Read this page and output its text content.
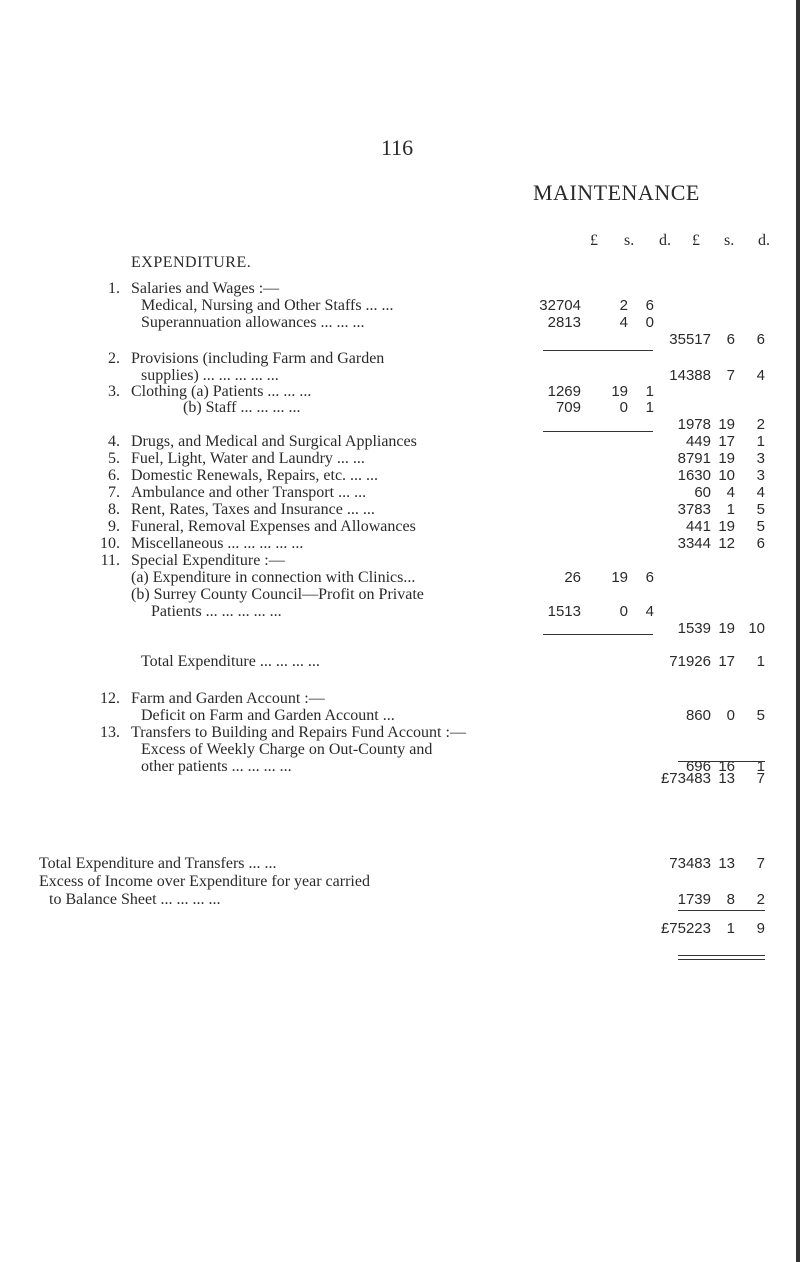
116
MAINTENANCE
£ s. d. £ s. d.
EXPENDITURE.
1. Salaries and Wages :—
Medical, Nursing and Other Staffs ... ...	32704	2 6
Superannuation allowances ... ... ...	2813	4 0
35517 6 6
2. Provisions (including Farm and Garden
supplies) ... ... ... ... ...	14388 7 4
3. Clothing (a) Patients ... ... ...	1269 19 1
(b) Staff ... ... ... ...	709	0 1
1978 19 2
4. Drugs, and Medical and Surgical Appliances	449 17 1
5. Fuel, Light, Water and Laundry ... ...	8791 19 3
6. Domestic Renewals, Repairs, etc. ... ...	1630 10 3
7. Ambulance and other Transport ... ...	60 4 4
8. Rent, Rates, Taxes and Insurance ... ...	3783 1 5
9. Funeral, Removal Expenses and Allowances	441 19 5
10. Miscellaneous ... ... ... ... ...	3344 12 6
11. Special Expenditure :—
(a) Expenditure in connection with Clinics...	26 19 6
(b) Surrey County Council—Profit on Private
Patients ... ... ... ... ...	1513	0 4
1539 19 10
Total Expenditure ... ... ... ...	71926 17 1
12. Farm and Garden Account :—
Deficit on Farm and Garden Account ...	860 0 5
13. Transfers to Building and Repairs Fund Account :—
Excess of Weekly Charge on Out-County and
other patients ... ... ... ...	696 16 1
£73483 13 7
Total Expenditure and Transfers ... ...	73483 13 7
Excess of Income over Expenditure for year carried
to Balance Sheet ... ... ... ...	1739 8 2
£75223 1 9
